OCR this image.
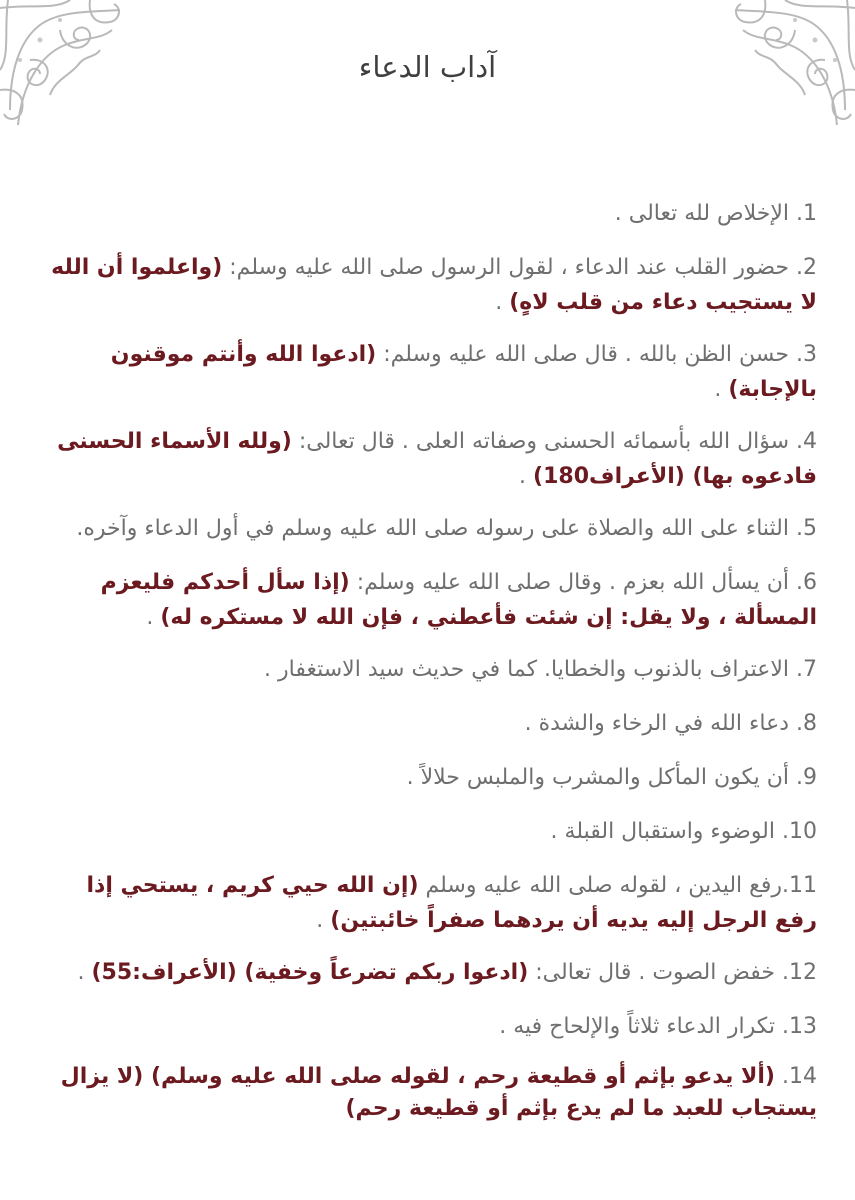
آداب الدعاء
1. الإخلاص لله تعالى .
2. حضور القلب عند الدعاء ، لقول الرسول صلى الله عليه وسلم: (واعلموا أن الله لا يستجيب دعاء من قلب لاهٍ) .
3. حسن الظن بالله . قال صلى الله عليه وسلم: (ادعوا الله وأنتم موقنون بالإجابة) .
4. سؤال الله بأسمائه الحسنى وصفاته العلى . قال تعالى: (ولله الأسماء الحسنى فادعوه بها) (الأعراف180) .
5. الثناء على الله والصلاة على رسوله صلى الله عليه وسلم في أول الدعاء وآخره.
6. أن يسأل الله بعزم . وقال صلى الله عليه وسلم: (إذا سأل أحدكم فليعزم المسألة ، ولا يقل: إن شئت فأعطني ، فإن الله لا مستكره له) .
7. الاعتراف بالذنوب والخطايا. كما في حديث سيد الاستغفار .
8. دعاء الله في الرخاء والشدة .
9. أن يكون المأكل والمشرب والملبس حلالاً .
10. الوضوء واستقبال القبلة .
11.رفع اليدين ، لقوله صلى الله عليه وسلم (إن الله حيي كريم ، يستحي إذا رفع الرجل إليه يديه أن يردهما صفراً خائبتين) .
12. خفض الصوت . قال تعالى: (ادعوا ربكم تضرعاً وخفية) (الأعراف:55) .
13. تكرار الدعاء ثلاثاً والإلحاح فيه .
14. (ألا يدعو بإثم أو قطيعة رحم ، لقوله صلى الله عليه وسلم) (لا يزال يستجاب للعبد ما لم يدع بإثم أو قطيعة رحم)
